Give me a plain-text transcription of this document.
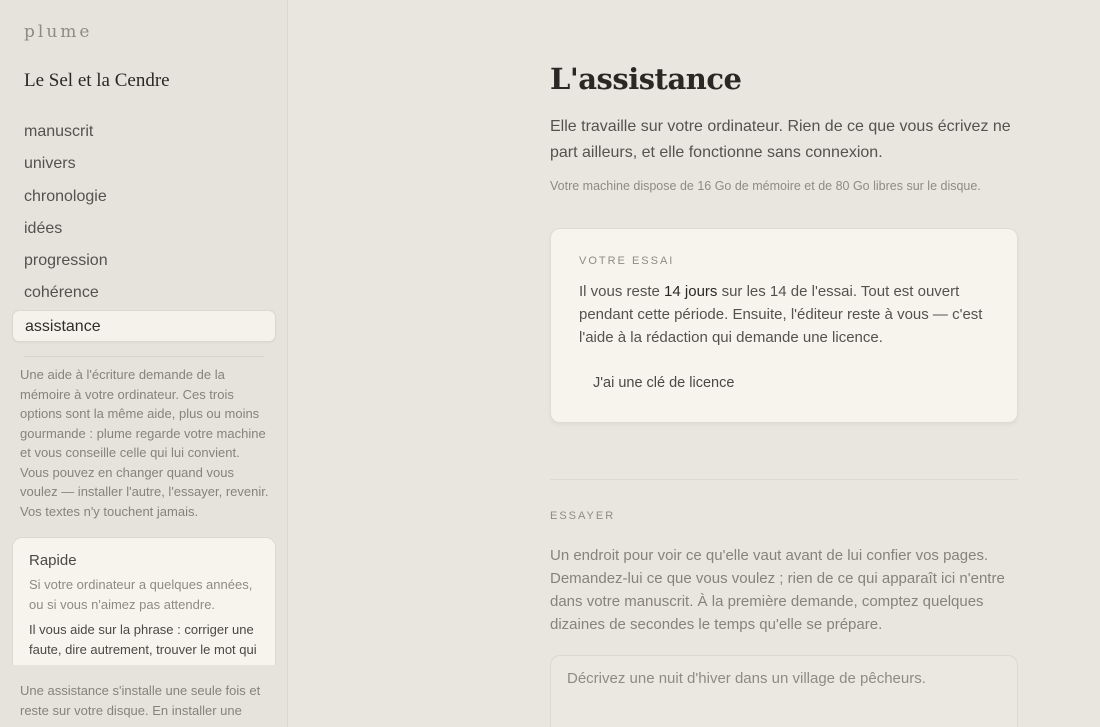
plume
Le Sel et la Cendre
manuscrit
univers
chronologie
idées
progression
cohérence
assistance

Une aide à l'écriture demande de la mémoire à votre ordinateur. Ces trois options sont la même aide, plus ou moins gourmande : plume regarde votre machine et vous conseille celle qui lui convient. Vous pouvez en changer quand vous voulez — installer l'autre, l'essayer, revenir. Vos textes n'y touchent jamais.

Rapide
Si votre ordinateur a quelques années, ou si vous n'aimez pas attendre.
Il vous aide sur la phrase : corriger une faute, dire autrement, trouver le mot qui

Une assistance s'installe une seule fois et reste sur votre disque. En installer une

L'assistance

Elle travaille sur votre ordinateur. Rien de ce que vous écrivez ne part ailleurs, et elle fonctionne sans connexion.

Votre machine dispose de 16 Go de mémoire et de 80 Go libres sur le disque.

VOTRE ESSAI

Il vous reste 14 jours sur les 14 de l'essai. Tout est ouvert pendant cette période. Ensuite, l'éditeur reste à vous — c'est l'aide à la rédaction qui demande une licence.

J'ai une clé de licence
ESSAYER

Un endroit pour voir ce qu'elle vaut avant de lui confier vos pages. Demandez-lui ce que vous voulez ; rien de ce qui apparaît ici n'entre dans votre manuscrit. À la première demande, comptez quelques dizaines de secondes le temps qu'elle se prépare.

Décrivez une nuit d'hiver dans un village de pêcheurs.
